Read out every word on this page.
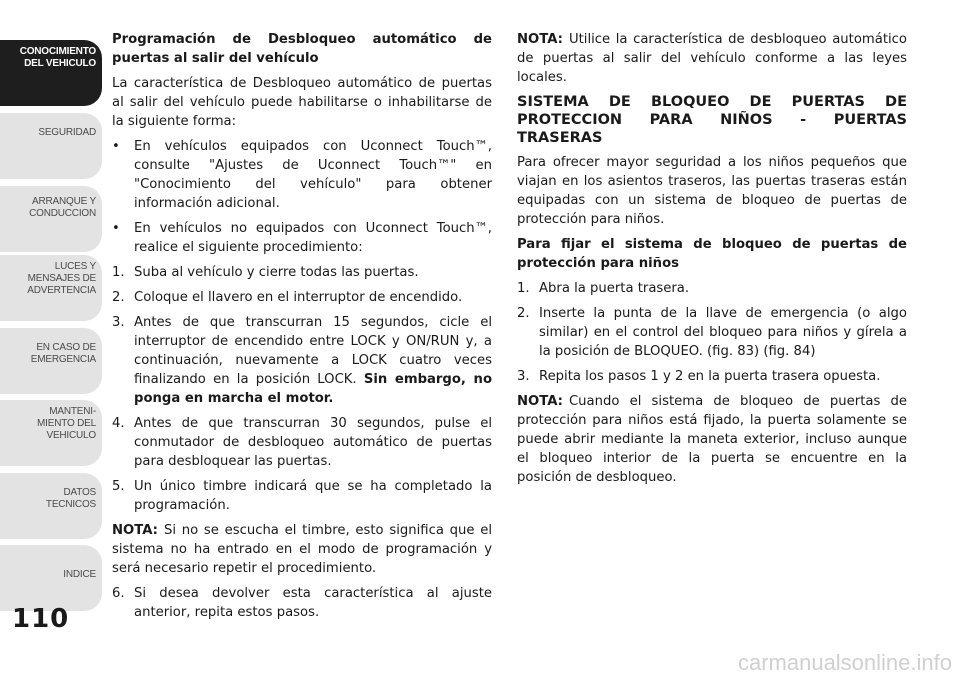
CONOCIMIENTO
DEL VEHICULO
SEGURIDAD
ARRANQUE Y
CONDUCCION
LUCES Y
MENSAJES DE
ADVERTENCIA
EN CASO DE
EMERGENCIA
MANTENI-
MIENTO DEL
VEHICULO
DATOS
TECNICOS
INDICE
110

Programación de Desbloqueo automático de puertas al salir del vehículo

La característica de Desbloqueo automático de puertas al salir del vehículo puede habilitarse o inhabilitarse de la siguiente forma:

• En vehículos equipados con Uconnect Touch™, consulte "Ajustes de Uconnect Touch™" en "Conocimiento del vehículo" para obtener información adicional.

• En vehículos no equipados con Uconnect Touch™, realice el siguiente procedimiento:

1. Suba al vehículo y cierre todas las puertas.

2. Coloque el llavero en el interruptor de encendido.

3. Antes de que transcurran 15 segundos, cicle el interruptor de encendido entre LOCK y ON/RUN y, a continuación, nuevamente a LOCK cuatro veces finalizando en la posición LOCK. Sin embargo, no ponga en marcha el motor.

4. Antes de que transcurran 30 segundos, pulse el conmutador de desbloqueo automático de puertas para desbloquear las puertas.

5. Un único timbre indicará que se ha completado la programación.

NOTA: Si no se escucha el timbre, esto significa que el sistema no ha entrado en el modo de programación y será necesario repetir el procedimiento.

6. Si desea devolver esta característica al ajuste anterior, repita estos pasos.

NOTA: Utilice la característica de desbloqueo automático de puertas al salir del vehículo conforme a las leyes locales.

SISTEMA DE BLOQUEO DE PUERTAS DE PROTECCION PARA NIÑOS - PUERTAS TRASERAS

Para ofrecer mayor seguridad a los niños pequeños que viajan en los asientos traseros, las puertas traseras están equipadas con un sistema de bloqueo de puertas de protección para niños.

Para fijar el sistema de bloqueo de puertas de protección para niños

1. Abra la puerta trasera.

2. Inserte la punta de la llave de emergencia (o algo similar) en el control del bloqueo para niños y gírela a la posición de BLOQUEO. (fig. 83) (fig. 84)

3. Repita los pasos 1 y 2 en la puerta trasera opuesta.

NOTA: Cuando el sistema de bloqueo de puertas de protección para niños está fijado, la puerta solamente se puede abrir mediante la maneta exterior, incluso aunque el bloqueo interior de la puerta se encuentre en la posición de desbloqueo.

carmanualsonline.info
